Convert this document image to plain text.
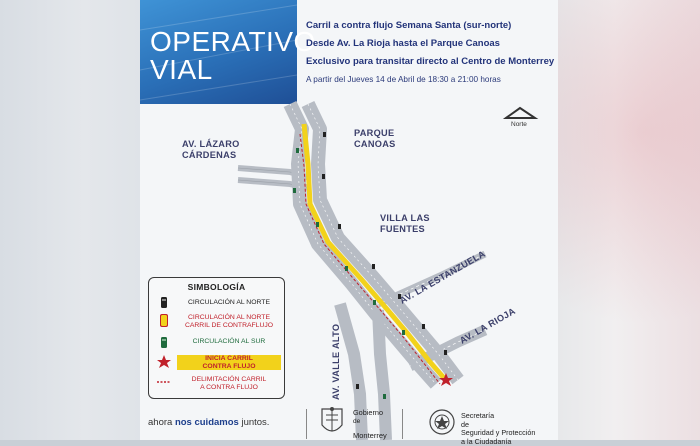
OPERATIVO
VIAL
Carril a contra flujo Semana Santa (sur-norte)
Desde Av. La Rioja hasta el Parque Canoas
Exclusivo para transitar directo al Centro de Monterrey
A partir del Jueves 14 de Abril de 18:30 a 21:00 horas
Norte
AV. LÁZARO
CÁRDENAS
PARQUE
CANOAS
VILLA LAS
FUENTES
AV. LA ESTANZUELA
AV. LA RIOJA
AV. VALLE ALTO
SIMBOLOGÍA
CIRCULACIÓN AL NORTE
CIRCULACIÓN AL NORTE
CARRIL DE CONTRAFLUJO
CIRCULACIÓN AL SUR
INICIA CARRIL
CONTRA FLUJO
DELIMITACIÓN CARRIL
A CONTRA FLUJO
ahora nos cuidamos juntos.
Gobierno
de
Monterrey
Secretaría
de
Seguridad y Protección
a la Ciudadanía
